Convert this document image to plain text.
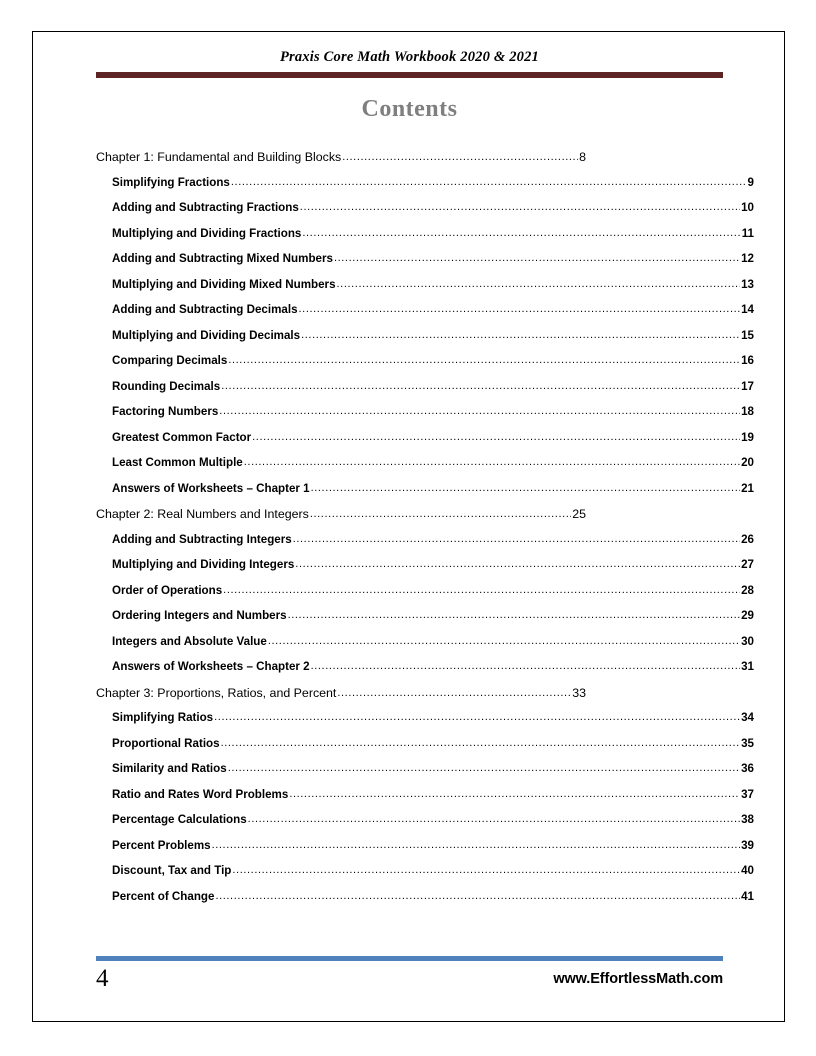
Praxis Core Math Workbook 2020 & 2021
Contents
Chapter 1: Fundamental and Building Blocks .....	8
Simplifying Fractions .....	9
Adding and Subtracting Fractions .....	10
Multiplying and Dividing Fractions .....	11
Adding and Subtracting Mixed Numbers .....	12
Multiplying and Dividing Mixed Numbers .....	13
Adding and Subtracting Decimals .....	14
Multiplying and Dividing Decimals .....	15
Comparing Decimals .....	16
Rounding Decimals .....	17
Factoring Numbers .....	18
Greatest Common Factor .....	19
Least Common Multiple .....	20
Answers of Worksheets – Chapter 1 .....	21
Chapter 2: Real Numbers and Integers .....	25
Adding and Subtracting Integers .....	26
Multiplying and Dividing Integers .....	27
Order of Operations .....	28
Ordering Integers and Numbers .....	29
Integers and Absolute Value .....	30
Answers of Worksheets – Chapter 2 .....	31
Chapter 3: Proportions, Ratios, and Percent .....	33
Simplifying Ratios .....	34
Proportional Ratios .....	35
Similarity and Ratios .....	36
Ratio and Rates Word Problems .....	37
Percentage Calculations .....	38
Percent Problems .....	39
Discount, Tax and Tip .....	40
Percent of Change .....	41
4	www.EffortlessMath.com
